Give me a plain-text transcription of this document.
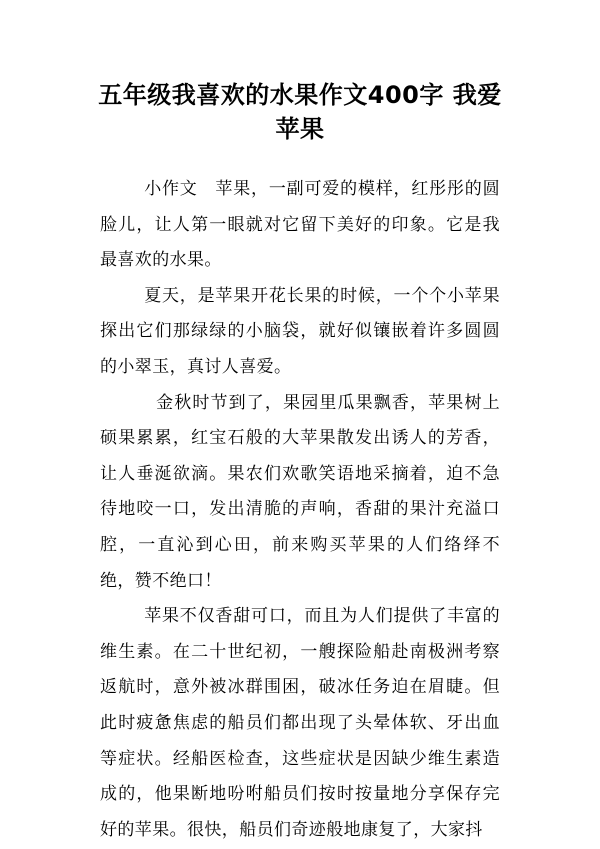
五年级我喜欢的水果作文400字 我爱苹果

小作文　苹果，一副可爱的模样，红彤彤的圆脸儿，让人第一眼就对它留下美好的印象。它是我最喜欢的水果。

夏天，是苹果开花长果的时候，一个个小苹果探出它们那绿绿的小脑袋，就好似镶嵌着许多圆圆的小翠玉，真讨人喜爱。

金秋时节到了，果园里瓜果飘香，苹果树上硕果累累，红宝石般的大苹果散发出诱人的芳香，让人垂涎欲滴。果农们欢歌笑语地采摘着，迫不急待地咬一口，发出清脆的声响，香甜的果汁充溢口腔，一直沁到心田，前来购买苹果的人们络绎不绝，赞不绝口！

苹果不仅香甜可口，而且为人们提供了丰富的维生素。在二十世纪初，一艘探险船赴南极洲考察返航时，意外被冰群围困，破冰任务迫在眉睫。但此时疲惫焦虑的船员们都出现了头晕体软、牙出血等症状。经船医检查，这些症状是因缺少维生素造成的，他果断地吩咐船员们按时按量地分享保存完好的苹果。很快，船员们奇迹般地康复了，大家抖
